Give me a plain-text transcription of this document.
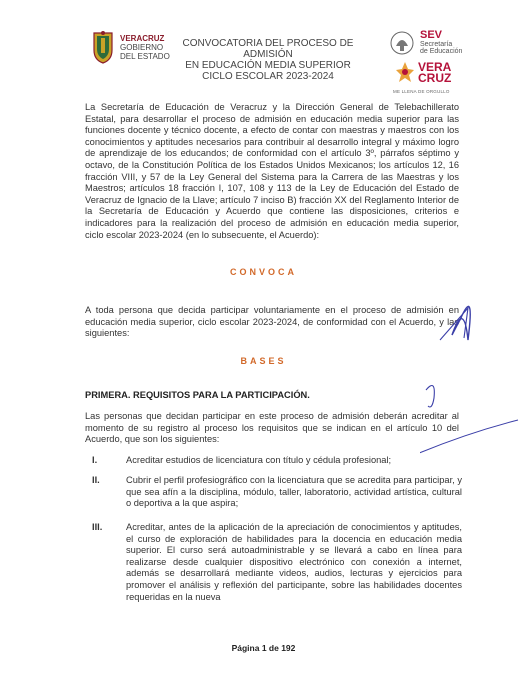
VERACRUZ
GOBIERNO
DEL ESTADO
CONVOCATORIA DEL PROCESO DE ADMISIÓN
EN EDUCACIÓN MEDIA SUPERIOR
CICLO ESCOLAR 2023-2024
SEV
Secretaría
de Educación
VERA
CRUZ
ME LLENA DE ORGULLO
La Secretaría de Educación de Veracruz y la Dirección General de Telebachillerato Estatal, para desarrollar el proceso de admisión en educación media superior para las funciones docente y técnico docente, a efecto de contar con maestras y maestros con los conocimientos y aptitudes necesarios para contribuir al desarrollo integral y máximo logro de aprendizaje de los educandos; de conformidad con el artículo 3º, párrafos séptimo y octavo, de la Constitución Política de los Estados Unidos Mexicanos; los artículos 12, 16 fracción VIII, y 57 de la Ley General del Sistema para la Carrera de las Maestras y los Maestros; artículos 18 fracción I, 107, 108 y 113 de la Ley de Educación del Estado de Veracruz de Ignacio de la Llave; artículo 7 inciso B) fracción XX del Reglamento Interior de la Secretaría de Educación y Acuerdo que contiene las disposiciones, criterios e indicadores para la realización del proceso de admisión en educación media superior, ciclo escolar 2023-2024 (en lo subsecuente, el Acuerdo):
CONVOCA
A toda persona que decida participar voluntariamente en el proceso de admisión en educación media superior, ciclo escolar 2023-2024, de conformidad con el Acuerdo, y las siguientes:
BASES
PRIMERA. REQUISITOS PARA LA PARTICIPACIÓN.
Las personas que decidan participar en este proceso de admisión deberán acreditar al momento de su registro al proceso los requisitos que se indican en el artículo 10 del Acuerdo, que son los siguientes:
I.	Acreditar estudios de licenciatura con título y cédula profesional;
II.	Cubrir el perfil profesiográfico con la licenciatura que se acredita para participar, y que sea afín a la disciplina, módulo, taller, laboratorio, actividad artística, cultural o deportiva a la que aspira;
III.	Acreditar, antes de la aplicación de la apreciación de conocimientos y aptitudes, el curso de exploración de habilidades para la docencia en educación media superior. El curso será autoadministrable y se llevará a cabo en línea para realizarse desde cualquier dispositivo electrónico con conexión a internet, además se desarrollará mediante videos, audios, lecturas y ejercicios para promover el análisis y reflexión del participante, sobre las habilidades docentes requeridas en la nueva
Página 1 de 192
